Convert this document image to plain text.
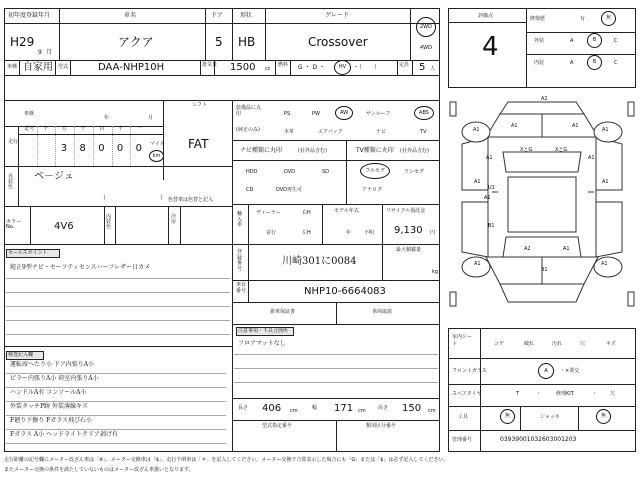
初年度登録年月	車名	ドア	形状	グレード
H29
9 月
アクア	5 HB	Crossover
2WD
4WD
車種 自家用 型式	DAA-NHP10H	排気量 1500 cc
燃料 G ・ D ・	HV	・（　　）	定員 5 人
車検
年	月
シフト
FAT
走行
記号 十	万	千	百	十	一
3 8 0 0 0 マイル
km
外装色
ペ－ジュ
（	） 色替車は色替と記入
カラーNo.	4V6
内装色
冷房
セールスポイント
純正9型ナビ・セーフティセンスハーフレザー日カメ
検査記入欄
運転席へたり小 ドア内張りA小
ピラー内張りA小 荷室内張りA小
ハンドルA有 コンソールA小
外装タッチP跡 外装薄線キズ
F廻り下擦り Fガラス飛び石小
Fガラス A小 ヘッドライトクリア剥げ有
装備品に丸印
(純正のみ)
PS	PW	AW	サンルーフ	ABS
本革	エアバック	ナビ	TV
ナビ種類に丸印	(社外品含む)	TV種類に丸印 (社外品含む)
HDD	DVD	SD
CD	DVD再生可
フルセグ	ワンセグ
アナログ
輸入車
ディーラー
並行
右H
左H
モデル年式
年	不明
リサイクル預託金
9,130 円
登録番号
川崎301に0084
最大積載量
kg
車台番号	NHP10-6664083
新車保証書	車両取説
注意事項・不具合箇所
フロアマットなし
長さ 406 cm	幅 171 cm 高さ 150 cm
型式指定番号	類別区分番号
評価点
4
修復歴	有	無
外装	A	B	C
内装	A	B	C
A2
A1	A1
A1	A1
A1	A1
A1	A1
A1	A1
A1
XとG	XとG
U1
B1
B1
A2	A1
室内シート	コゲ	破れ	汚れ	穴	キズ
フロントガラス	A	・×要交
スペアタイヤ	T	・	修理KIT	・	欠
工具	無	ジャッキ	無
管理番号	0393900103260300120З
走行距離の記号欄にメーター改ざん車は「※」、メーター交換車は「$」、走行不明車は「＃」を記入してください。メーター交換で合算表示した場合にも「G」または「$」は必ず記入してください。
またメーター交換の条件を満たしていないものはメーター改ざん車扱いとなります。
